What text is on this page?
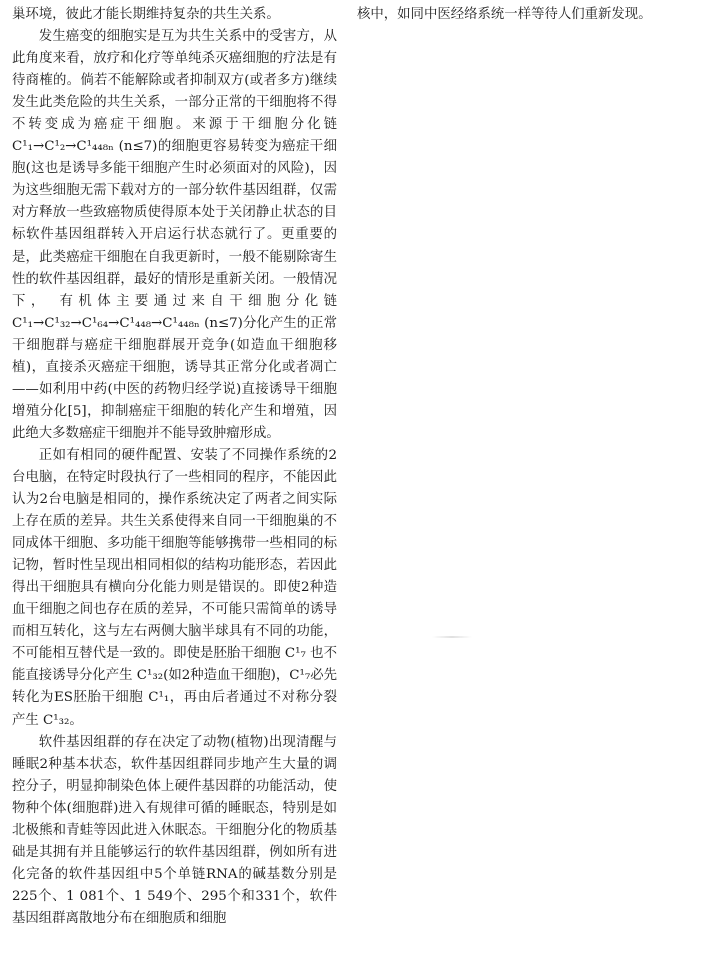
巢环境，彼此才能长期维持复杂的共生关系。

发生癌变的细胞实是互为共生关系中的受害方，从此角度来看，放疗和化疗等单纯杀灭癌细胞的疗法是有待商榷的。倘若不能解除或者抑制双方(或者多方)继续发生此类危险的共生关系，一部分正常的干细胞将不得不转变成为癌症干细胞。来源于干细胞分化链 C¹₁→C¹₂→C¹₄₄₈ₙ (n≤7)的细胞更容易转变为癌症干细胞(这也是诱导多能干细胞产生时必须面对的风险)，因为这些细胞无需下载对方的一部分软件基因组群，仅需对方释放一些致癌物质使得原本处于关闭静止状态的目标软件基因组群转入开启运行状态就行了。更重要的是，此类癌症干细胞在自我更新时，一般不能剔除寄生性的软件基因组群，最好的情形是重新关闭。一般情况下， 有机体主要通过来自干细胞分化链 C¹₁→C¹₃₂→C¹₆₄→C¹₄₄₈→C¹₄₄₈ₙ (n≤7)分化产生的正常干细胞群与癌症干细胞群展开竞争(如造血干细胞移植)，直接杀灭癌症干细胞，诱导其正常分化或者凋亡——如利用中药(中医的药物归经学说)直接诱导干细胞增殖分化[5]，抑制癌症干细胞的转化产生和增殖，因此绝大多数癌症干细胞并不能导致肿瘤形成。

正如有相同的硬件配置、安装了不同操作系统的2台电脑，在特定时段执行了一些相同的程序，不能因此认为2台电脑是相同的，操作系统决定了两者之间实际上存在质的差异。共生关系使得来自同一干细胞巢的不同成体干细胞、多功能干细胞等能够携带一些相同的标记物，暂时性呈现出相同相似的结构功能形态，若因此得出干细胞具有横向分化能力则是错误的。即使2种造血干细胞之间也存在质的差异，不可能只需简单的诱导而相互转化，这与左右两侧大脑半球具有不同的功能，不可能相互替代是一致的。即使是胚胎干细胞 C¹₇ 也不能直接诱导分化产生 C¹₃₂(如2种造血干细胞)，C¹₇必先转化为ES胚胎干细胞 C¹₁，再由后者通过不对称分裂产生 C¹₃₂。

软件基因组群的存在决定了动物(植物)出现清醒与睡眠2种基本状态，软件基因组群同步地产生大量的调控分子，明显抑制染色体上硬件基因群的功能活动，使物种个体(细胞群)进入有规律可循的睡眠态，特别是如北极熊和青蛙等因此进入休眠态。干细胞分化的物质基础是其拥有并且能够运行的软件基因组群，例如所有进化完备的软件基因组中5个单链RNA的碱基数分别是225个、1 081个、1 549个、295个和331个，软件基因组群离散地分布在细胞质和细胞

核中，如同中医经络系统一样等待人们重新发现。
